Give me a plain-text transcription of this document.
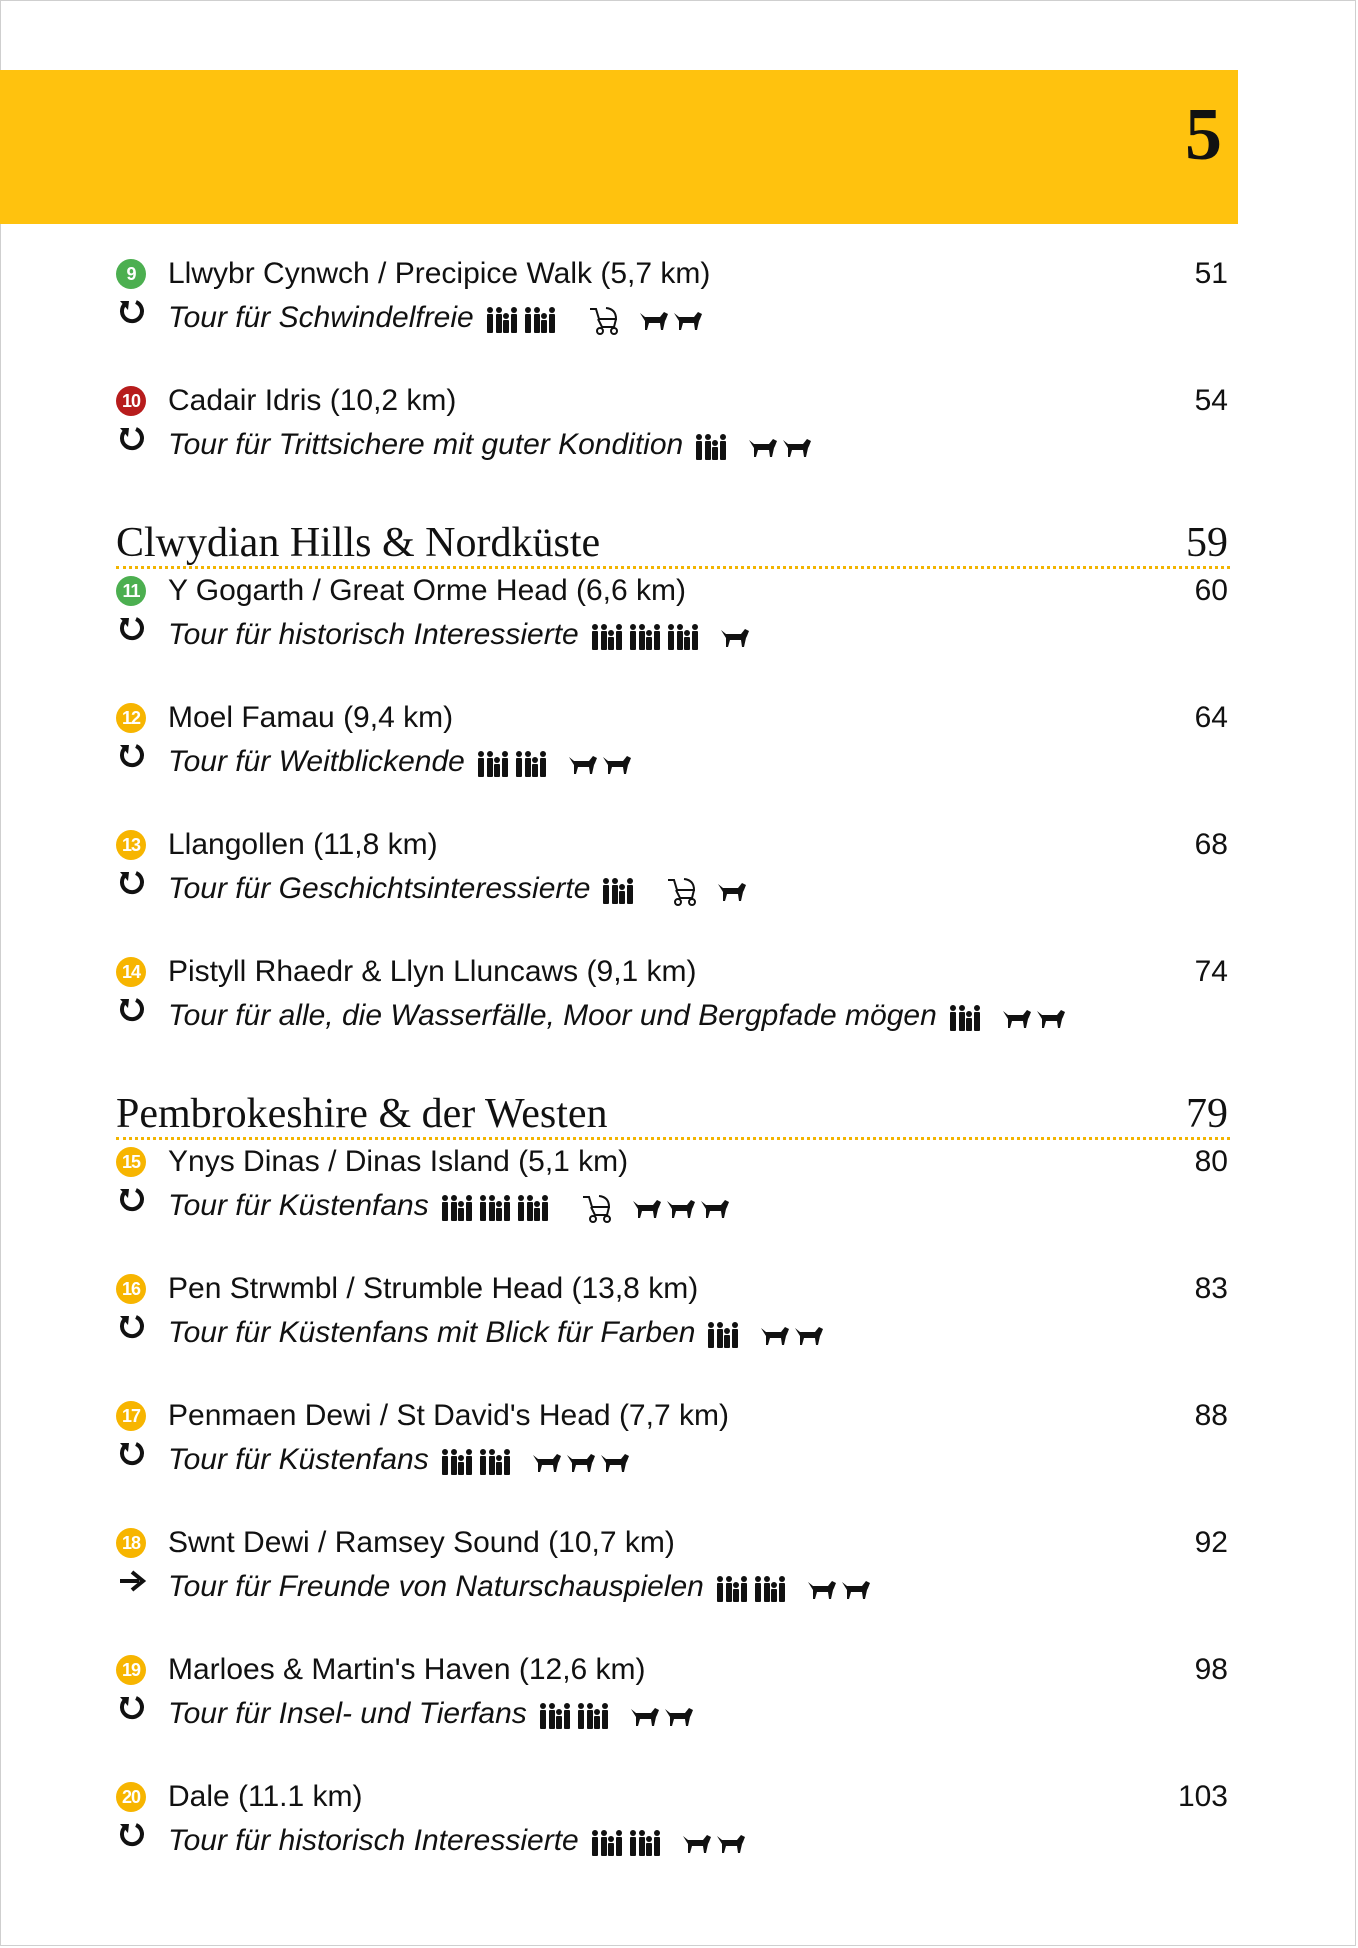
5
9	Llwybr Cynwch / Precipice Walk (5,7 km)	51
Tour für Schwindelfreie
10 Cadair Idris (10,2 km)	54
Tour für Trittsichere mit guter Kondition
Clwydian Hills & Nordküste	59
11 Y Gogarth / Great Orme Head (6,6 km)	60
Tour für historisch Interessierte
12 Moel Famau (9,4 km)	64
Tour für Weitblickende
13 Llangollen (11,8 km)	68
Tour für Geschichtsinteressierte
14 Pistyll Rhaedr & Llyn Lluncaws (9,1 km)	74
Tour für alle, die Wasserfälle, Moor und Bergpfade mögen
Pembrokeshire & der Westen	79
15 Ynys Dinas / Dinas Island (5,1 km)	80
Tour für Küstenfans
16 Pen Strwmbl / Strumble Head (13,8 km)	83
Tour für Küstenfans mit Blick für Farben
17 Penmaen Dewi / St David's Head (7,7 km)	88
Tour für Küstenfans
18 Swnt Dewi / Ramsey Sound (10,7 km)	92
Tour für Freunde von Naturschauspielen
19 Marloes & Martin's Haven (12,6 km)	98
Tour für Insel- und Tierfans
20 Dale (11.1 km)	103
Tour für historisch Interessierte
